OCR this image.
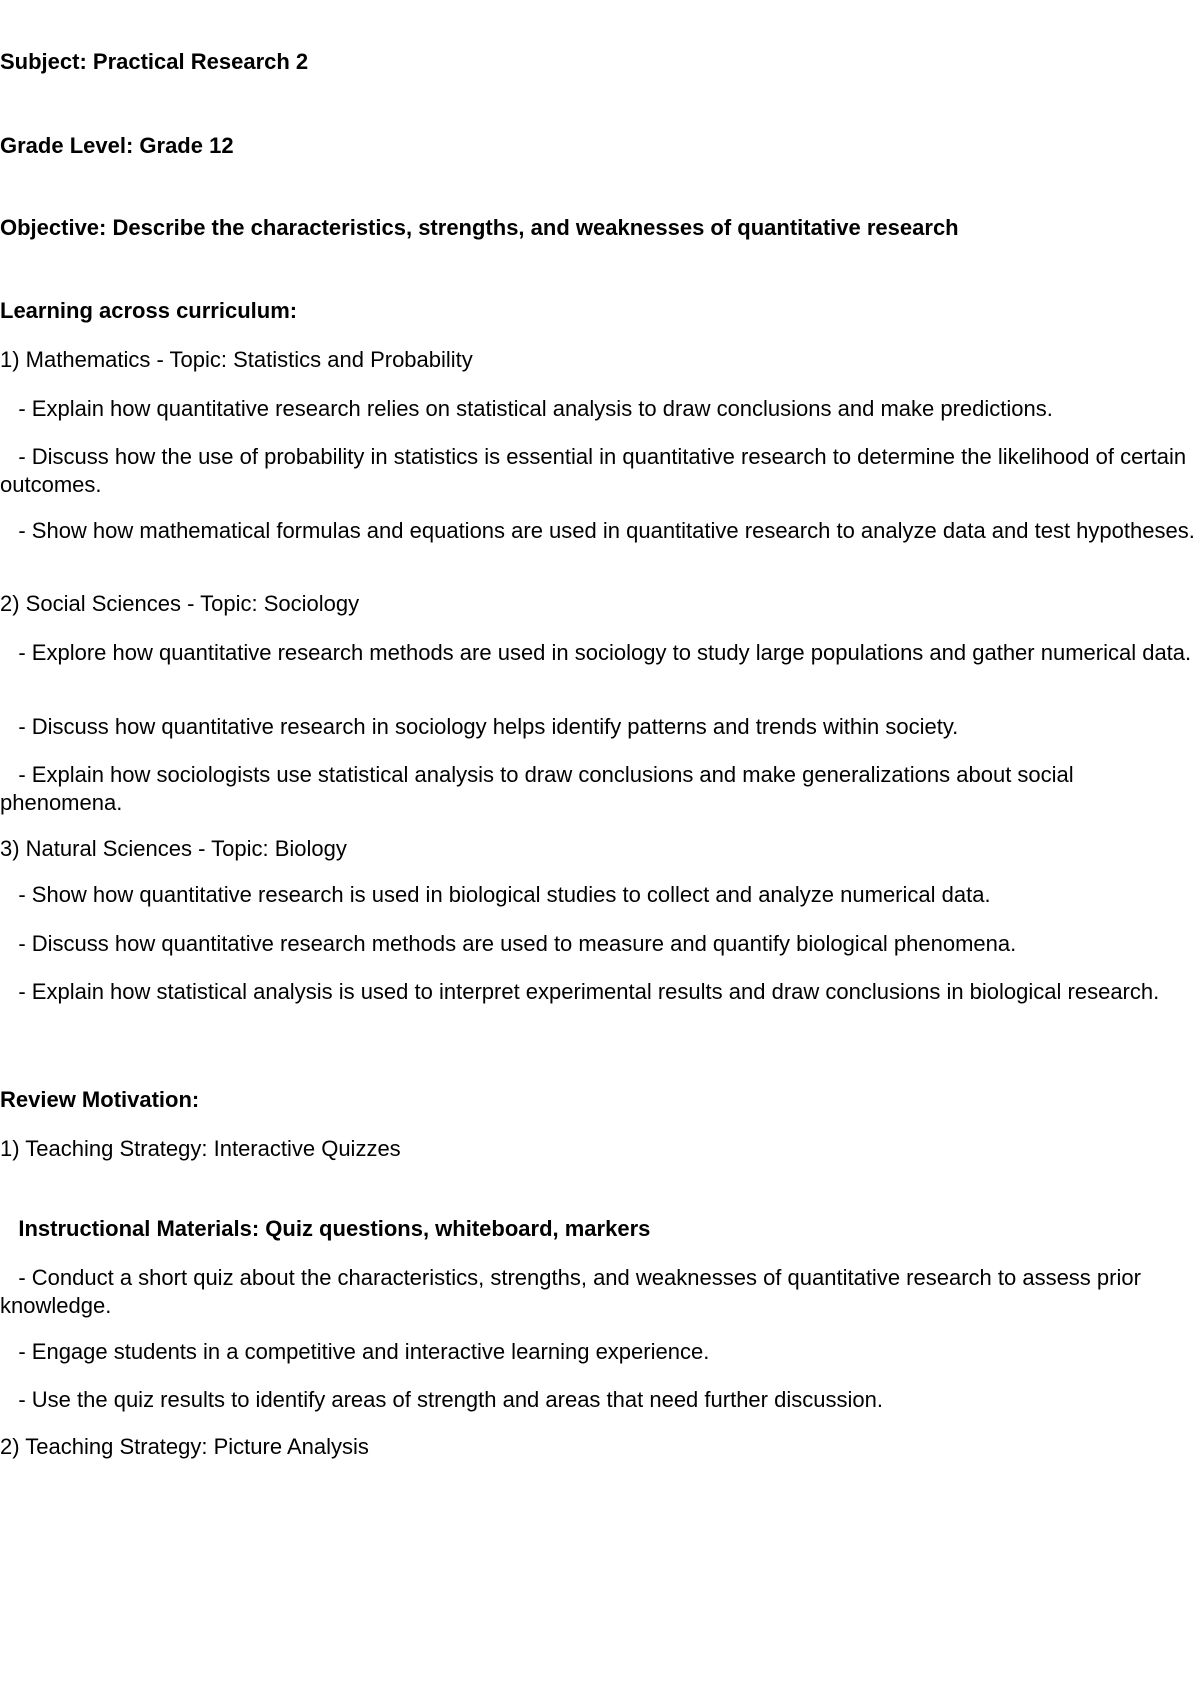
Subject: Practical Research 2

Grade Level: Grade 12

Objective: Describe the characteristics, strengths, and weaknesses of quantitative research

Learning across curriculum:

1) Mathematics - Topic: Statistics and Probability

- Explain how quantitative research relies on statistical analysis to draw conclusions and make predictions.

- Discuss how the use of probability in statistics is essential in quantitative research to determine the likelihood of certain outcomes.

- Show how mathematical formulas and equations are used in quantitative research to analyze data and test hypotheses.

2) Social Sciences - Topic: Sociology

- Explore how quantitative research methods are used in sociology to study large populations and gather numerical data.

- Discuss how quantitative research in sociology helps identify patterns and trends within society.

- Explain how sociologists use statistical analysis to draw conclusions and make generalizations about social phenomena.

3) Natural Sciences - Topic: Biology

- Show how quantitative research is used in biological studies to collect and analyze numerical data.

- Discuss how quantitative research methods are used to measure and quantify biological phenomena.

- Explain how statistical analysis is used to interpret experimental results and draw conclusions in biological research.

Review Motivation:

1) Teaching Strategy: Interactive Quizzes

Instructional Materials: Quiz questions, whiteboard, markers

- Conduct a short quiz about the characteristics, strengths, and weaknesses of quantitative research to assess prior knowledge.

- Engage students in a competitive and interactive learning experience.

- Use the quiz results to identify areas of strength and areas that need further discussion.

2) Teaching Strategy: Picture Analysis
